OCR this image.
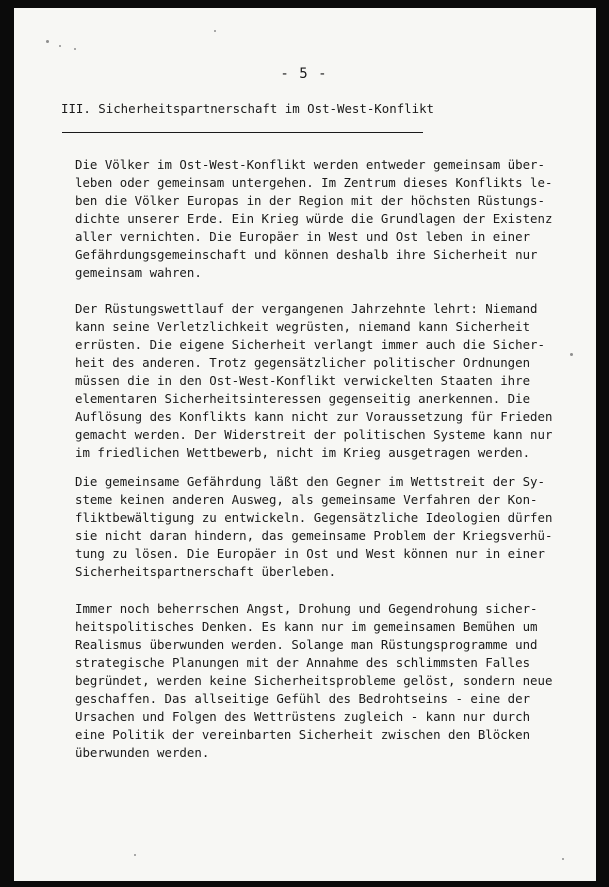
- 5 -
III. Sicherheitspartnerschaft im Ost-West-Konflikt
Die Völker im Ost-West-Konflikt werden entweder gemeinsam über-
leben oder gemeinsam untergehen. Im Zentrum dieses Konflikts le-
ben die Völker Europas in der Region mit der höchsten Rüstungs-
dichte unserer Erde. Ein Krieg würde die Grundlagen der Existenz
aller vernichten. Die Europäer in West und Ost leben in einer
Gefährdungsgemeinschaft und können deshalb ihre Sicherheit nur
gemeinsam wahren.
Der Rüstungswettlauf der vergangenen Jahrzehnte lehrt: Niemand
kann seine Verletzlichkeit wegrüsten, niemand kann Sicherheit
errüsten. Die eigene Sicherheit verlangt immer auch die Sicher-
heit des anderen. Trotz gegensätzlicher politischer Ordnungen
müssen die in den Ost-West-Konflikt verwickelten Staaten ihre
elementaren Sicherheitsinteressen gegenseitig anerkennen. Die
Auflösung des Konflikts kann nicht zur Voraussetzung für Frieden
gemacht werden. Der Widerstreit der politischen Systeme kann nur
im friedlichen Wettbewerb, nicht im Krieg ausgetragen werden.
Die gemeinsame Gefährdung läßt den Gegner im Wettstreit der Sy-
steme keinen anderen Ausweg, als gemeinsame Verfahren der Kon-
fliktbewältigung zu entwickeln. Gegensätzliche Ideologien dürfen
sie nicht daran hindern, das gemeinsame Problem der Kriegsverhü-
tung zu lösen. Die Europäer in Ost und West können nur in einer
Sicherheitspartnerschaft überleben.
Immer noch beherrschen Angst, Drohung und Gegendrohung sicher-
heitspolitisches Denken. Es kann nur im gemeinsamen Bemühen um
Realismus überwunden werden. Solange man Rüstungsprogramme und
strategische Planungen mit der Annahme des schlimmsten Falles
begründet, werden keine Sicherheitsprobleme gelöst, sondern neue
geschaffen. Das allseitige Gefühl des Bedrohtseins - eine der
Ursachen und Folgen des Wettrüstens zugleich - kann nur durch
eine Politik der vereinbarten Sicherheit zwischen den Blöcken
überwunden werden.
